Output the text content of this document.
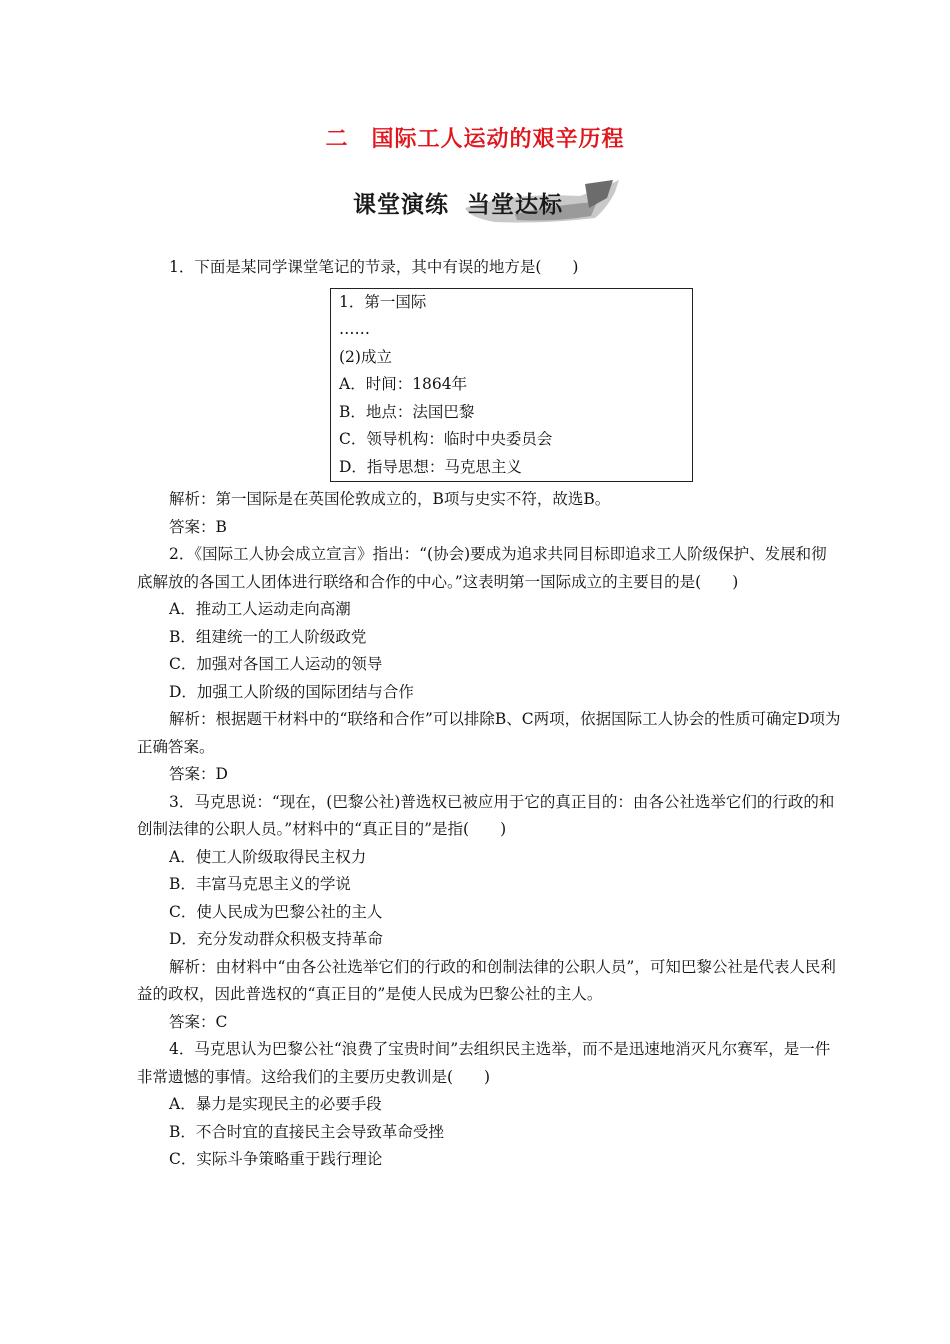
二　国际工人运动的艰辛历程
课堂演练  当堂达标

1．下面是某同学课堂笔记的节录，其中有误的地方是(　　)

1．第一国际

……

(2)成立

A．时间：1864年

B．地点：法国巴黎

C．领导机构：临时中央委员会

D．指导思想：马克思主义

解析：第一国际是在英国伦敦成立的，B项与史实不符，故选B。

答案：B

2．《国际工人协会成立宣言》指出：“(协会)要成为追求共同目标即追求工人阶级保护、发展和彻底解放的各国工人团体进行联络和合作的中心。”这表明第一国际成立的主要目的是(　　)

A．推动工人运动走向高潮

B．组建统一的工人阶级政党

C．加强对各国工人运动的领导

D．加强工人阶级的国际团结与合作

解析：根据题干材料中的“联络和合作”可以排除B、C两项，依据国际工人协会的性质可确定D项为正确答案。

答案：D

3．马克思说：“现在，(巴黎公社)普选权已被应用于它的真正目的：由各公社选举它们的行政的和创制法律的公职人员。”材料中的“真正目的”是指(　　)

A．使工人阶级取得民主权力

B．丰富马克思主义的学说

C．使人民成为巴黎公社的主人

D．充分发动群众积极支持革命

解析：由材料中“由各公社选举它们的行政的和创制法律的公职人员”，可知巴黎公社是代表人民利益的政权，因此普选权的“真正目的”是使人民成为巴黎公社的主人。

答案：C

4．马克思认为巴黎公社“浪费了宝贵时间”去组织民主选举，而不是迅速地消灭凡尔赛军，是一件非常遗憾的事情。这给我们的主要历史教训是(　　)

A．暴力是实现民主的必要手段

B．不合时宜的直接民主会导致革命受挫

C．实际斗争策略重于践行理论
